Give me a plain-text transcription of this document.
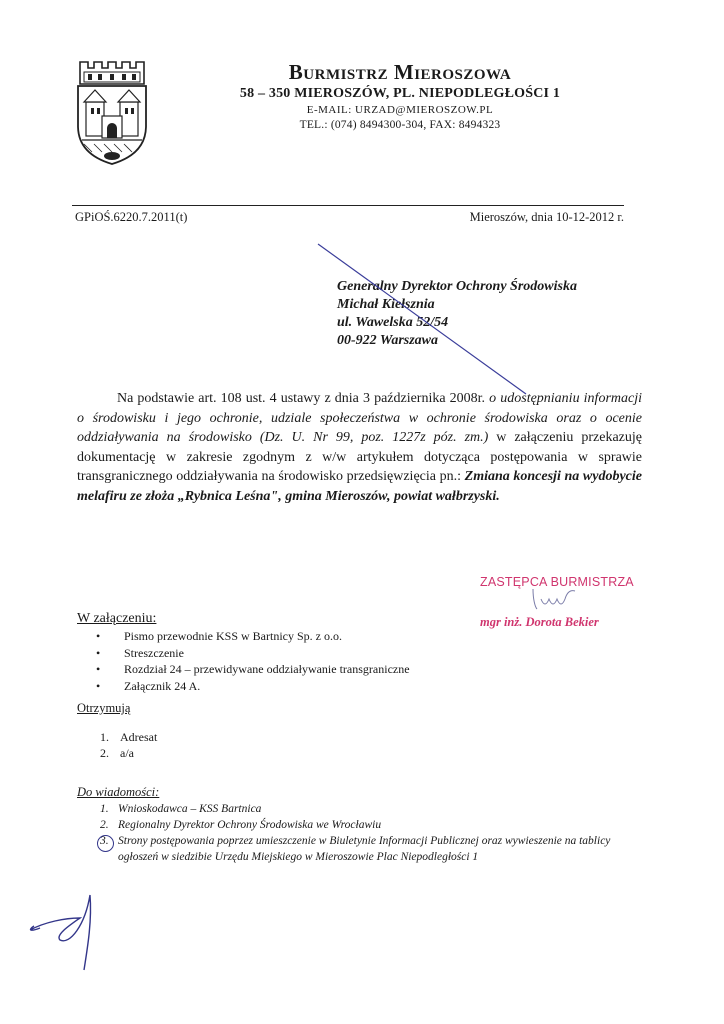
Burmistrz Mieroszowa
58 – 350 MIEROSZÓW, PL. NIEPODLEGŁOŚCI 1
E-MAIL: URZAD@MIEROSZOW.PL
TEL.: (074) 8494300-304, FAX: 8494323
GPiOŚ.6220.7.2011(t)	Mieroszów, dnia 10-12-2012 r.
Generalny Dyrektor Ochrony Środowiska
Michał Kiełsznia
ul. Wawelska 52/54
00-922 Warszawa
Na podstawie art. 108 ust. 4 ustawy z dnia 3 października 2008r. o udostępnianiu informacji o środowisku i jego ochronie, udziale społeczeństwa w ochronie środowiska oraz o ocenie oddziaływania na środowisko (Dz. U. Nr 99, poz. 1227z póz. zm.) w załączeniu przekazuję dokumentację w zakresie zgodnym z w/w artykułem dotycząca postępowania w sprawie transgranicznego oddziaływania na środowisko przedsięwzięcia pn.: Zmiana koncesji na wydobycie melafiru ze złoża „Rybnica Leśna", gmina Mieroszów, powiat wałbrzyski.
ZASTĘPCA BURMISTRZA
mgr inż. Dorota Bekier
W załączeniu:
• Pismo przewodnie KSS w Bartnicy Sp. z o.o.
• Streszczenie
• Rozdział 24 – przewidywane oddziaływanie transgraniczne
• Załącznik 24 A.
Otrzymują
1. Adresat
2. a/a
Do wiadomości:
1. Wnioskodawca – KSS Bartnica
2. Regionalny Dyrektor Ochrony Środowiska we Wrocławiu
3. Strony postępowania poprzez umieszczenie w Biuletynie Informacji Publicznej oraz wywieszenie na tablicy ogłoszeń w siedzibie Urzędu Miejskiego w Mieroszowie Plac Niepodległości 1
